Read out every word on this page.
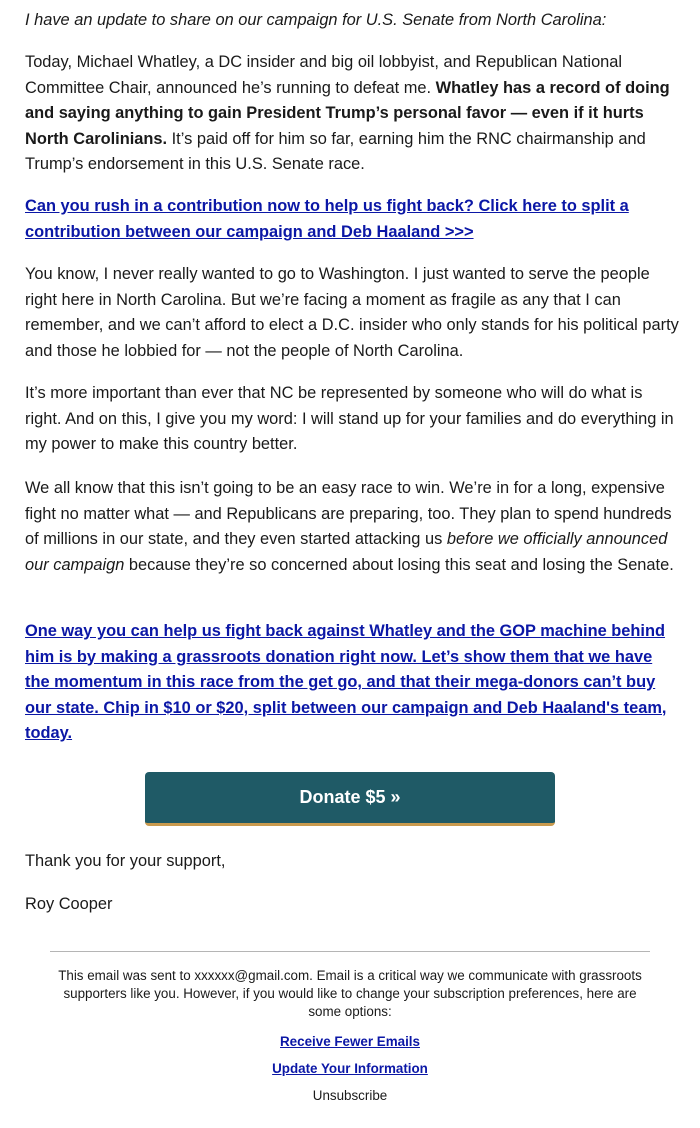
I have an update to share on our campaign for U.S. Senate from North Carolina:

Today, Michael Whatley, a DC insider and big oil lobbyist, and Republican National Committee Chair, announced he’s running to defeat me. Whatley has a record of doing and saying anything to gain President Trump’s personal favor — even if it hurts North Carolinians. It’s paid off for him so far, earning him the RNC chairmanship and Trump’s endorsement in this U.S. Senate race.

Can you rush in a contribution now to help us fight back? Click here to split a contribution between our campaign and Deb Haaland >>>

You know, I never really wanted to go to Washington. I just wanted to serve the people right here in North Carolina. But we’re facing a moment as fragile as any that I can remember, and we can’t afford to elect a D.C. insider who only stands for his political party and those he lobbied for — not the people of North Carolina.

It’s more important than ever that NC be represented by someone who will do what is right. And on this, I give you my word: I will stand up for your families and do everything in my power to make this country better.

We all know that this isn’t going to be an easy race to win. We’re in for a long, expensive fight no matter what — and Republicans are preparing, too. They plan to spend hundreds of millions in our state, and they even started attacking us before we officially announced our campaign because they’re so concerned about losing this seat and losing the Senate.

One way you can help us fight back against Whatley and the GOP machine behind him is by making a grassroots donation right now. Let’s show them that we have the momentum in this race from the get go, and that their mega-donors can’t buy our state. Chip in $10 or $20, split between our campaign and Deb Haaland's team, today.

Donate $5 »

Thank you for your support,

Roy Cooper

This email was sent to xxxxxx@gmail.com. Email is a critical way we communicate with grassroots supporters like you. However, if you would like to change your subscription preferences, here are some options:

Receive Fewer Emails

Update Your Information

Unsubscribe
